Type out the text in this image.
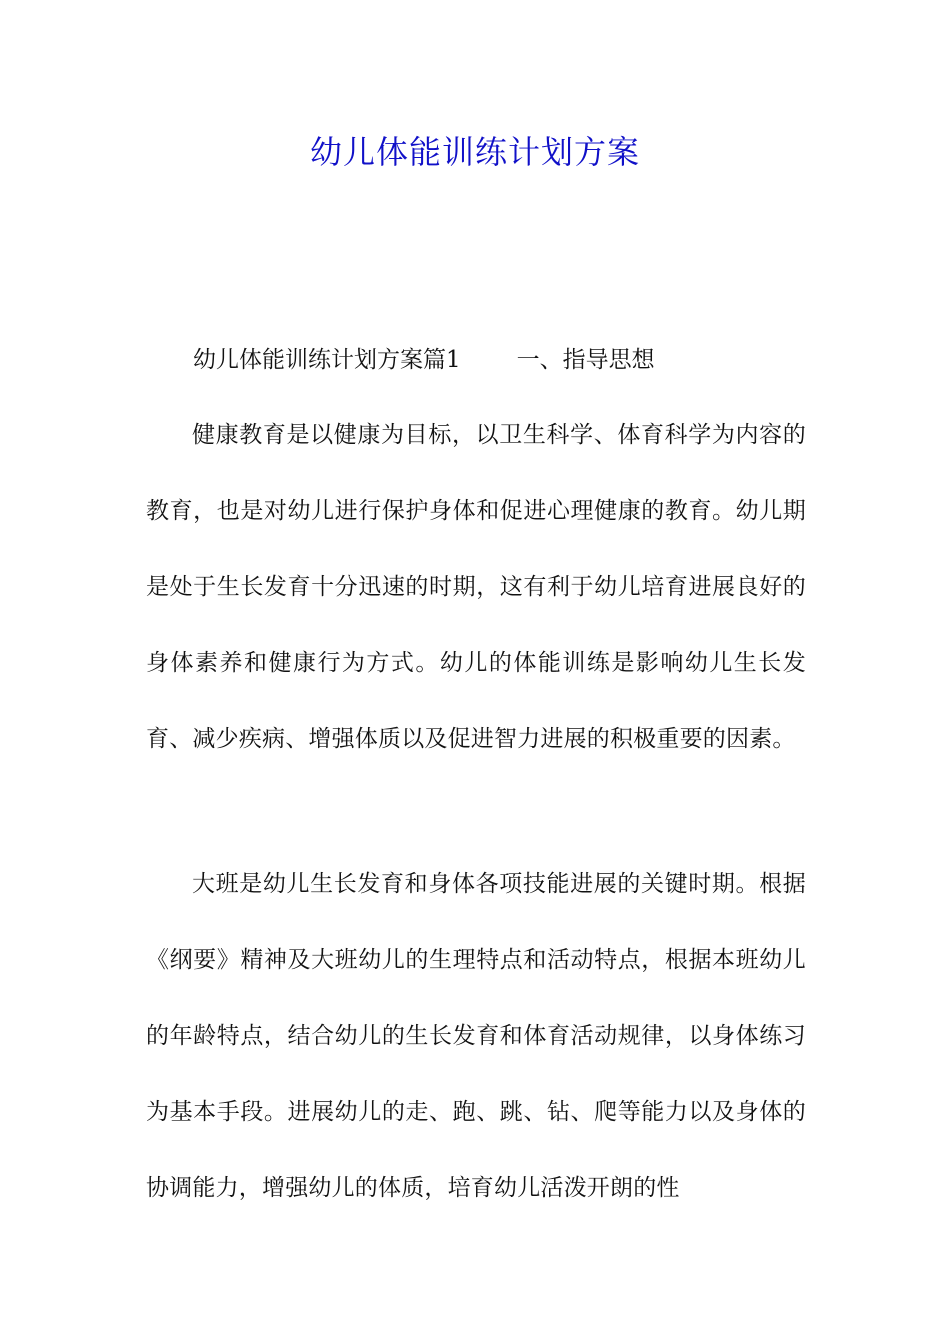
幼儿体能训练计划方案
幼儿体能训练计划方案篇1 一、指导思想

健康教育是以健康为目标，以卫生科学、体育科学为内容的教育，也是对幼儿进行保护身体和促进心理健康的教育。幼儿期是处于生长发育十分迅速的时期，这有利于幼儿培育进展良好的身体素养和健康行为方式。幼儿的体能训练是影响幼儿生长发育、减少疾病、增强体质以及促进智力进展的积极重要的因素。

大班是幼儿生长发育和身体各项技能进展的关键时期。根据《纲要》精神及大班幼儿的生理特点和活动特点，根据本班幼儿的年龄特点，结合幼儿的生长发育和体育活动规律，以身体练习为基本手段。进展幼儿的走、跑、跳、钻、爬等能力以及身体的协调能力，增强幼儿的体质，培育幼儿活泼开朗的性
